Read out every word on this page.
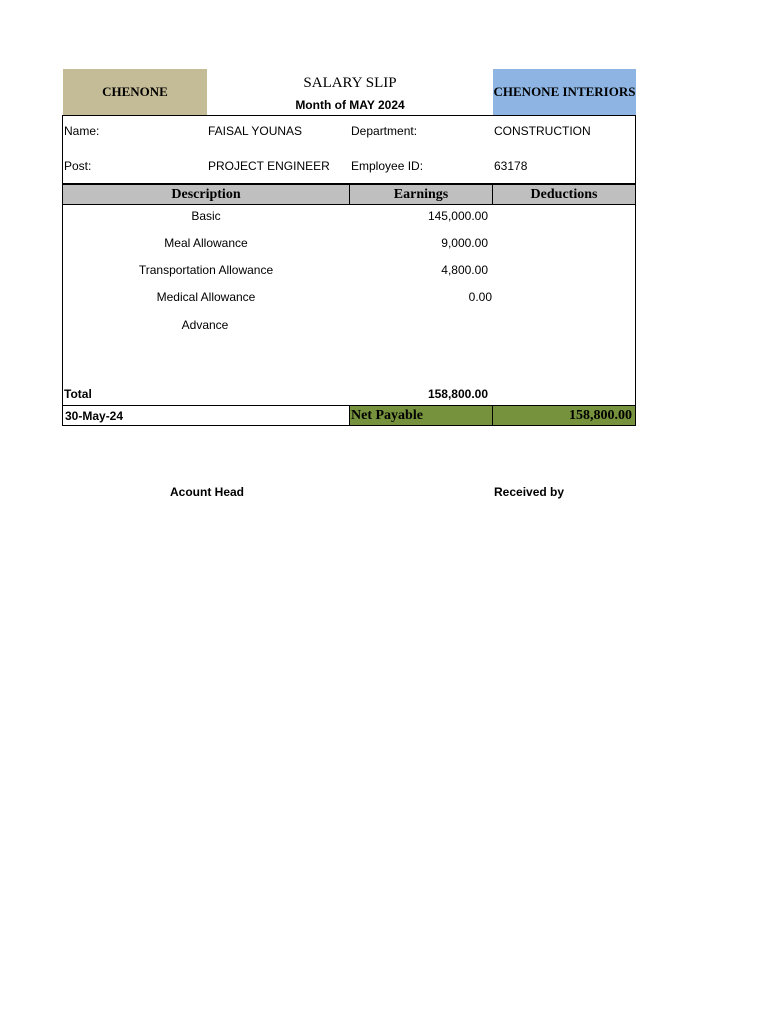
CHENONE
SALARY SLIP
Month of MAY 2024
CHENONE INTERIORS
Name:	FAISAL YOUNAS	Department:	CONSTRUCTION
Post:	PROJECT ENGINEER Employee ID:	63178
Description	Earnings	Deductions
Basic	145,000.00
Meal Allowance	9,000.00
Transportation Allowance	4,800.00
Medical Allowance	0.00
Advance
Total	158,800.00
30-May-24	Net Payable	158,800.00
Acount Head	Received by
